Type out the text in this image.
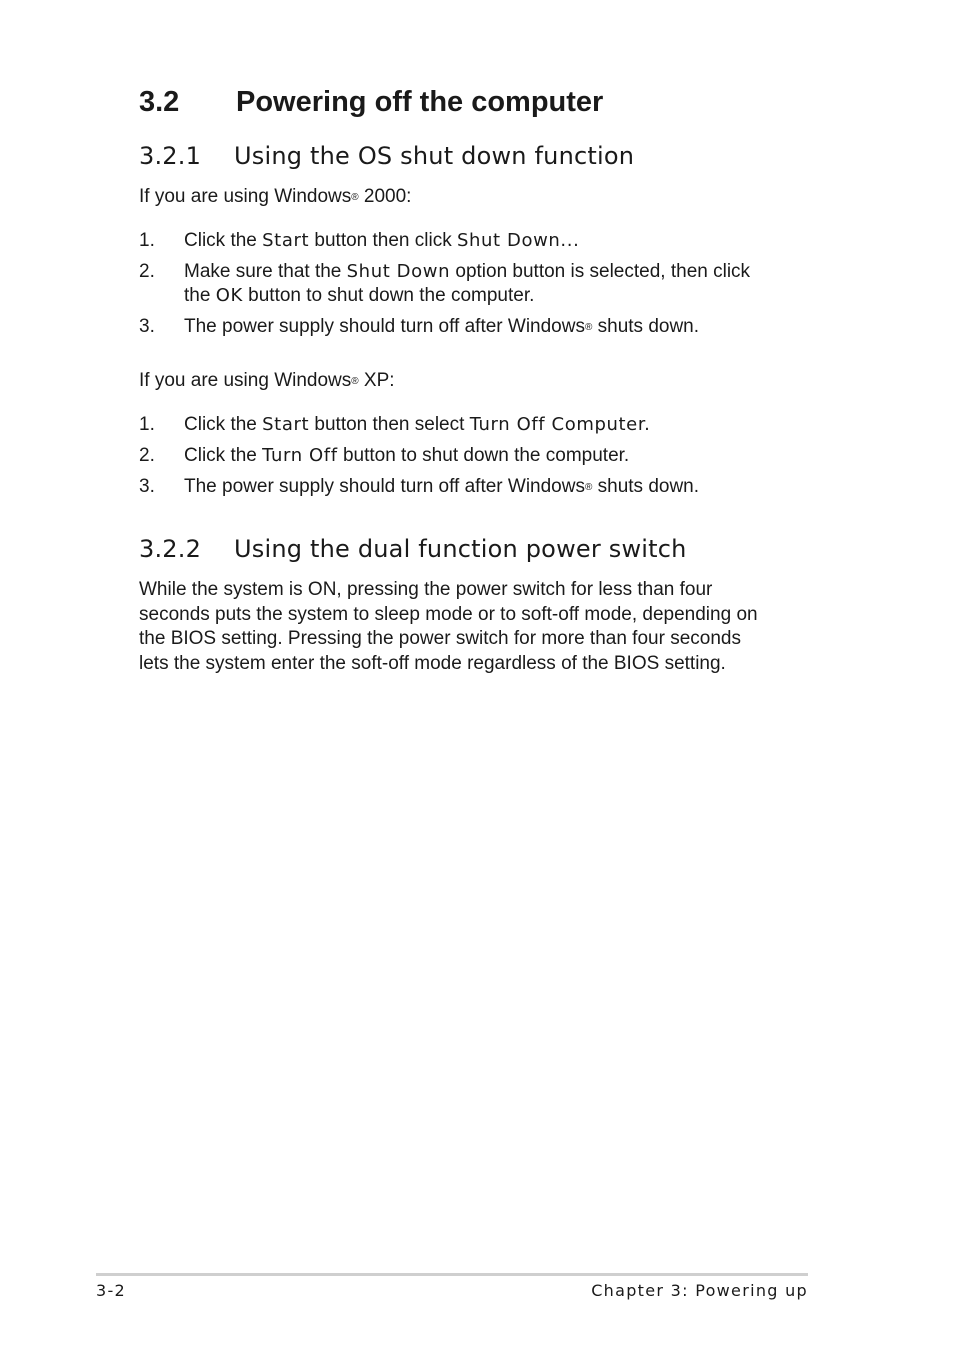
3.2 Powering off the computer
3.2.1 Using the OS shut down function

If you are using Windows® 2000:

1. Click the Start button then click Shut Down...
2. Make sure that the Shut Down option button is selected, then click
the OK button to shut down the computer.
3. The power supply should turn off after Windows® shuts down.

If you are using Windows® XP:

1. Click the Start button then select Turn Off Computer.
2. Click the Turn Off button to shut down the computer.
3. The power supply should turn off after Windows® shuts down.
3.2.2 Using the dual function power switch
While the system is ON, pressing the power switch for less than four
seconds puts the system to sleep mode or to soft-off mode, depending on
the BIOS setting. Pressing the power switch for more than four seconds
lets the system enter the soft-off mode regardless of the BIOS setting.
3-2	Chapter 3: Powering up
